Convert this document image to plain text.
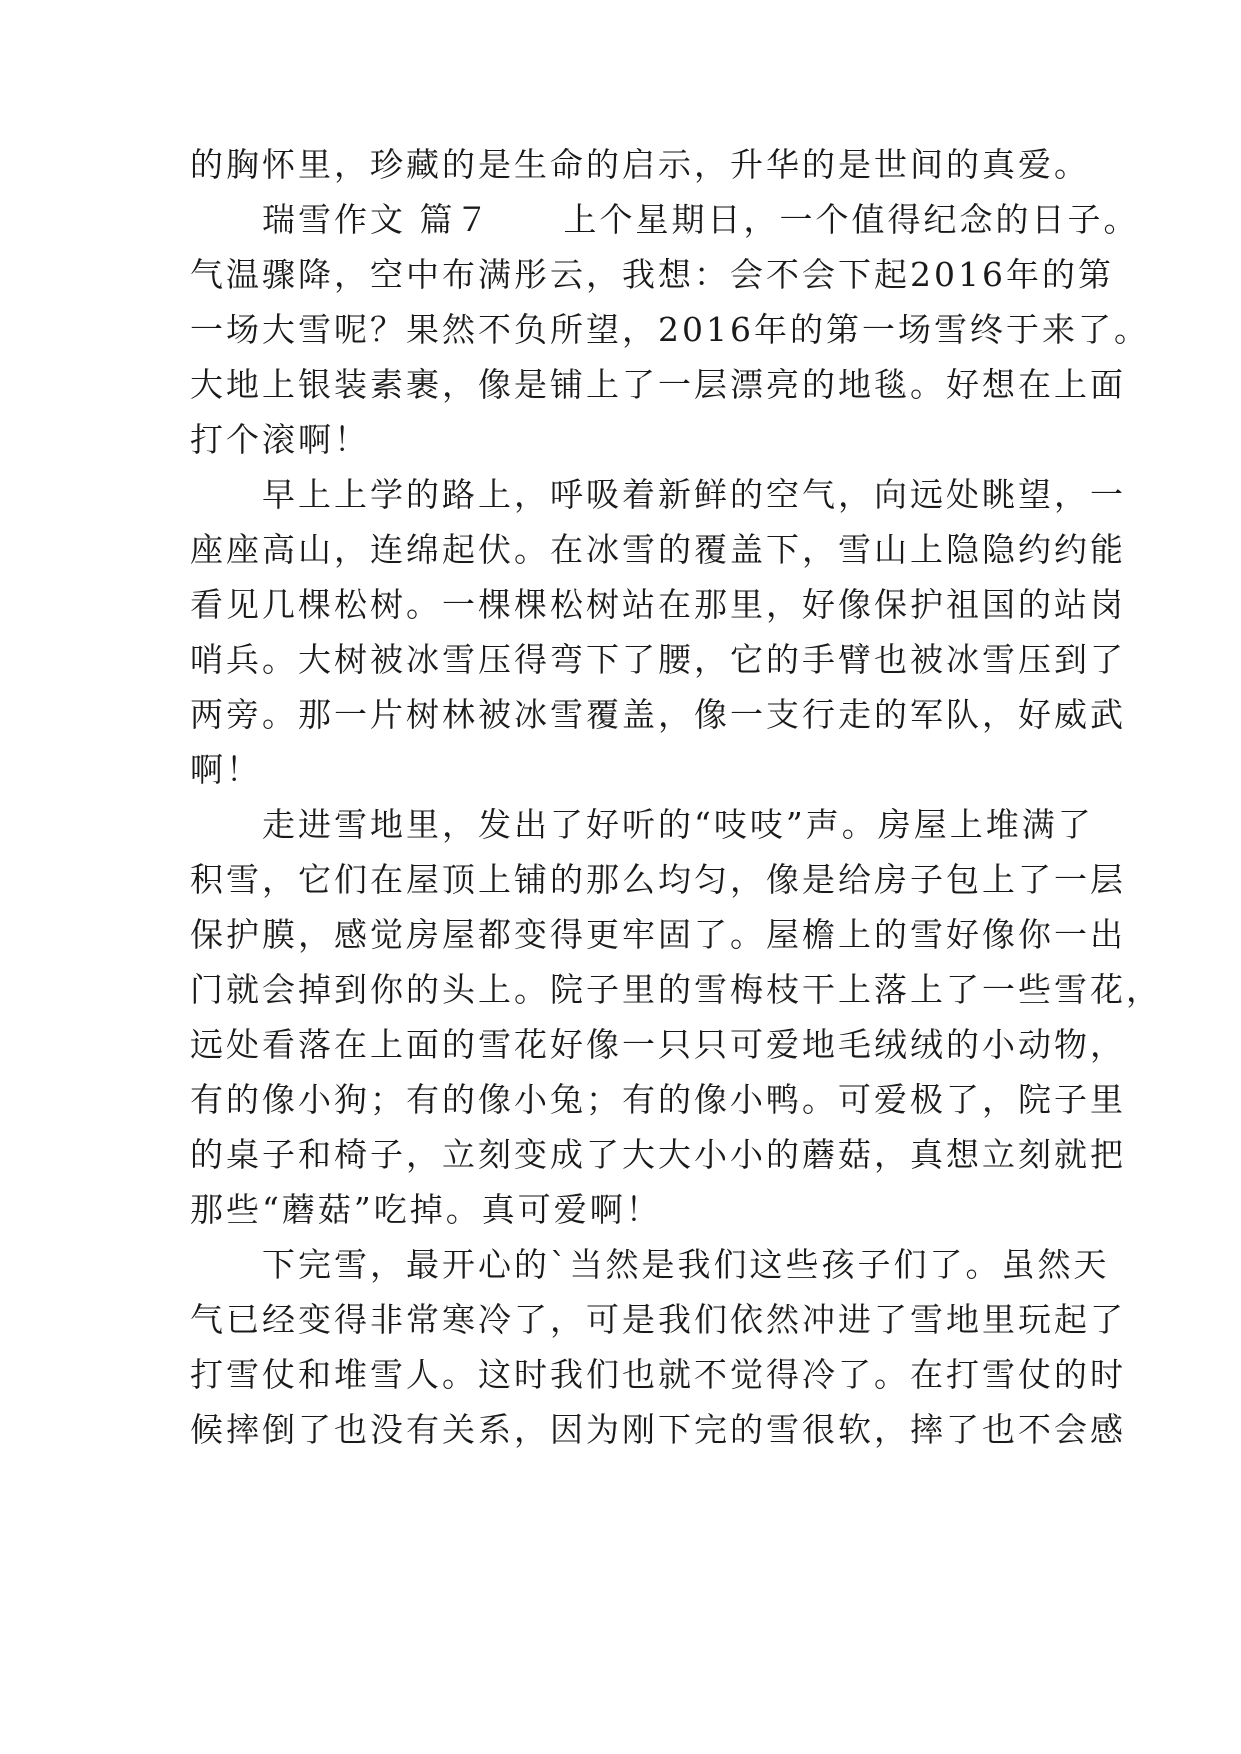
的胸怀里，珍藏的是生命的启示，升华的是世间的真爱。
　　瑞雪作文 篇７　　上个星期日，一个值得纪念的日子。
气温骤降，空中布满彤云，我想：会不会下起2016年的第
一场大雪呢？果然不负所望，2016年的第一场雪终于来了。
大地上银装素裹，像是铺上了一层漂亮的地毯。好想在上面
打个滚啊！
　　早上上学的路上，呼吸着新鲜的空气，向远处眺望，一
座座高山，连绵起伏。在冰雪的覆盖下，雪山上隐隐约约能
看见几棵松树。一棵棵松树站在那里，好像保护祖国的站岗
哨兵。大树被冰雪压得弯下了腰，它的手臂也被冰雪压到了
两旁。那一片树林被冰雪覆盖，像一支行走的军队，好威武
啊！
　　走进雪地里，发出了好听的“吱吱”声。房屋上堆满了
积雪，它们在屋顶上铺的那么均匀，像是给房子包上了一层
保护膜，感觉房屋都变得更牢固了。屋檐上的雪好像你一出
门就会掉到你的头上。院子里的雪梅枝干上落上了一些雪花，
远处看落在上面的雪花好像一只只可爱地毛绒绒的小动物，
有的像小狗；有的像小兔；有的像小鸭。可爱极了，院子里
的桌子和椅子，立刻变成了大大小小的蘑菇，真想立刻就把
那些“蘑菇”吃掉。真可爱啊！
　　下完雪，最开心的`当然是我们这些孩子们了。虽然天
气已经变得非常寒冷了，可是我们依然冲进了雪地里玩起了
打雪仗和堆雪人。这时我们也就不觉得冷了。在打雪仗的时
候摔倒了也没有关系，因为刚下完的雪很软，摔了也不会感
